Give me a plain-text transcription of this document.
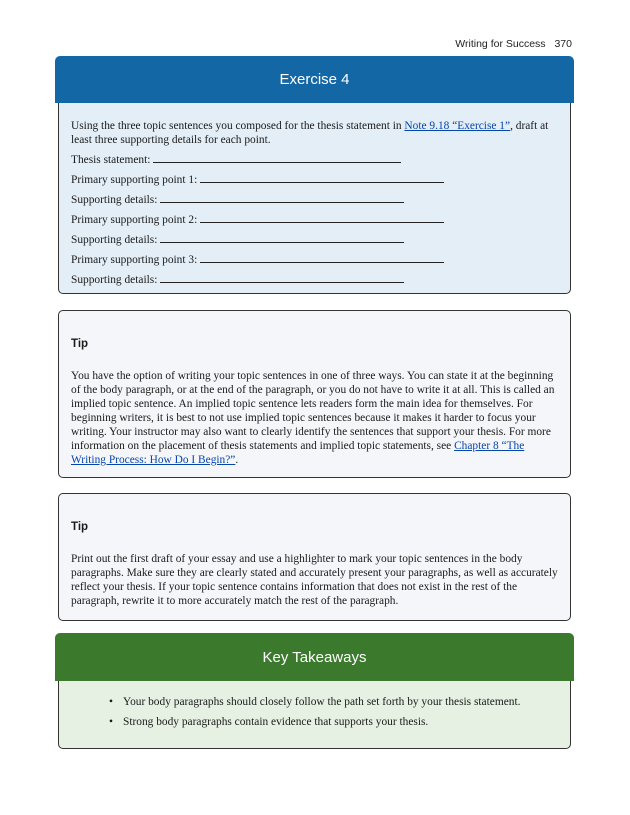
Writing for Success 370
Exercise 4

Using the three topic sentences you composed for the thesis statement in Note 9.18 “Exercise 1”, draft at least three supporting details for each point.

Thesis statement:
Primary supporting point 1:
Supporting details:
Primary supporting point 2:
Supporting details:
Primary supporting point 3:
Supporting details:
Tip

You have the option of writing your topic sentences in one of three ways. You can state it at the beginning of the body paragraph, or at the end of the paragraph, or you do not have to write it at all. This is called an implied topic sentence. An implied topic sentence lets readers form the main idea for themselves. For beginning writers, it is best to not use implied topic sentences because it makes it harder to focus your writing. Your instructor may also want to clearly identify the sentences that support your thesis. For more information on the placement of thesis statements and implied topic statements, see Chapter 8 “The Writing Process: How Do I Begin?”.

Tip

Print out the first draft of your essay and use a highlighter to mark your topic sentences in the body paragraphs. Make sure they are clearly stated and accurately present your paragraphs, as well as accurately reflect your thesis. If your topic sentence contains information that does not exist in the rest of the paragraph, rewrite it to more accurately match the rest of the paragraph.

Key Takeaways
• Your body paragraphs should closely follow the path set forth by your thesis statement.
• Strong body paragraphs contain evidence that supports your thesis.
